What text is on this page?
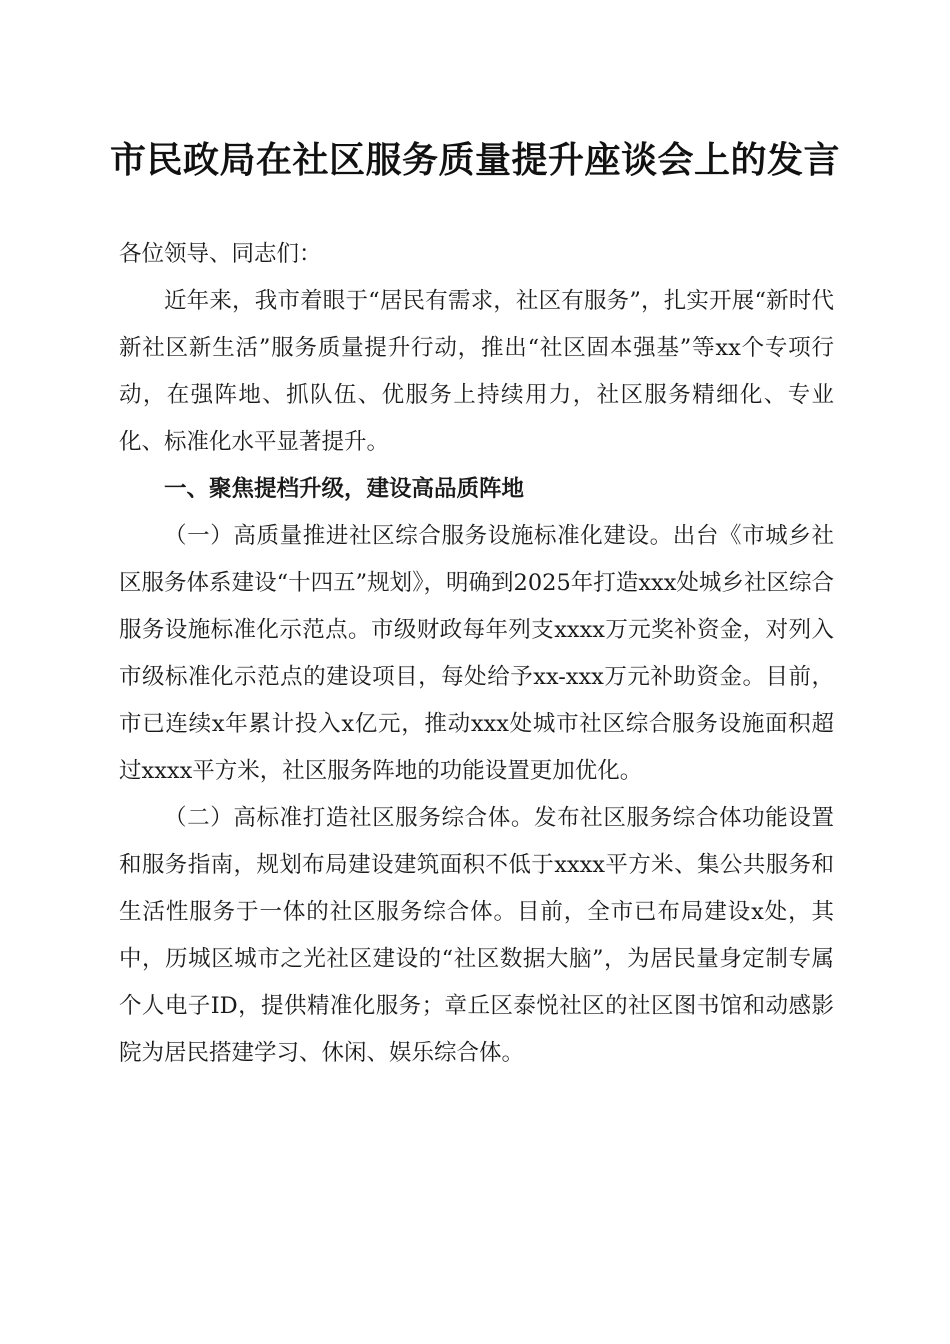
市民政局在社区服务质量提升座谈会上的发言

各位领导、同志们：

近年来，我市着眼于“居民有需求，社区有服务”，扎实开展“新时代新社区新生活”服务质量提升行动，推出“社区固本强基”等xx个专项行动，在强阵地、抓队伍、优服务上持续用力，社区服务精细化、专业化、标准化水平显著提升。

一、聚焦提档升级，建设高品质阵地

（一）高质量推进社区综合服务设施标准化建设。出台《市城乡社区服务体系建设“十四五”规划》，明确到2025年打造xxx处城乡社区综合服务设施标准化示范点。市级财政每年列支xxxx万元奖补资金，对列入市级标准化示范点的建设项目，每处给予xx-xxx万元补助资金。目前，市已连续x年累计投入x亿元，推动xxx处城市社区综合服务设施面积超过xxxx平方米，社区服务阵地的功能设置更加优化。

（二）高标准打造社区服务综合体。发布社区服务综合体功能设置和服务指南，规划布局建设建筑面积不低于xxxx平方米、集公共服务和生活性服务于一体的社区服务综合体。目前，全市已布局建设x处，其中，历城区城市之光社区建设的“社区数据大脑”，为居民量身定制专属个人电子ID，提供精准化服务；章丘区泰悦社区的社区图书馆和动感影院为居民搭建学习、休闲、娱乐综合体。
